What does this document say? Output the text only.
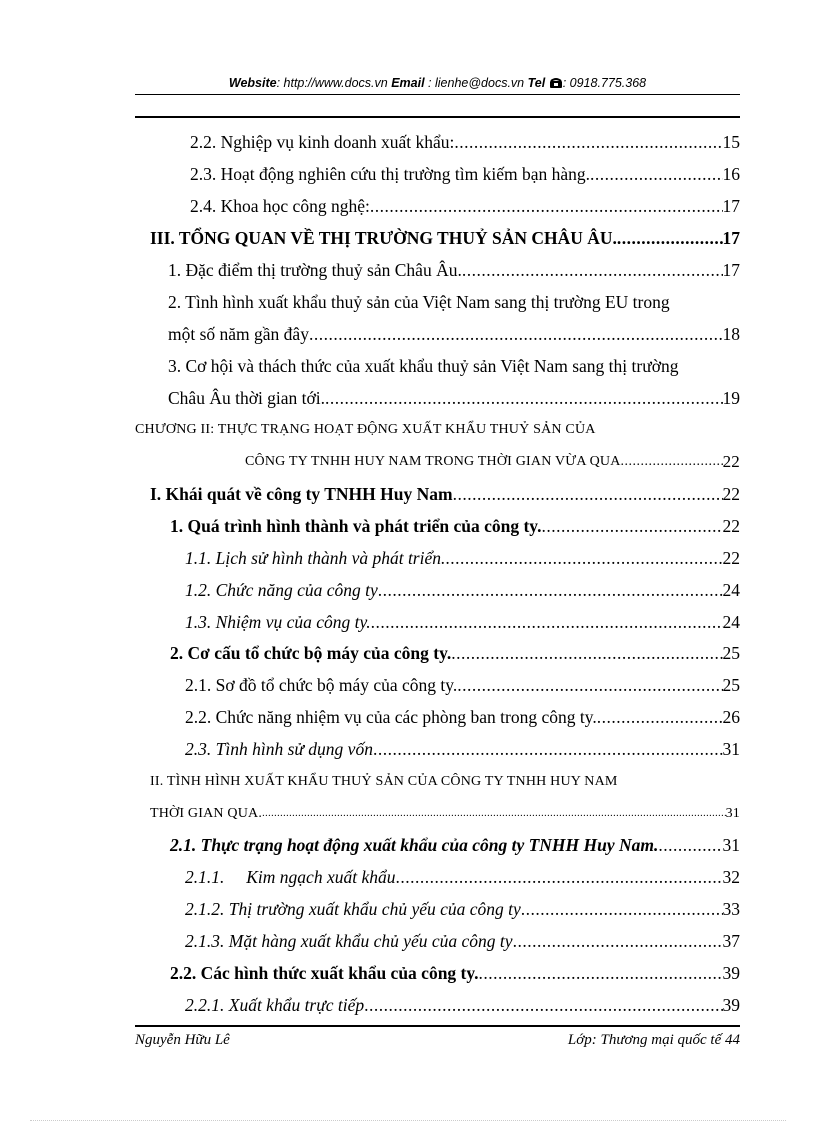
Website: http://www.docs.vn Email : lienhe@docs.vn Tel : 0918.775.368
2.2. Nghiệp vụ kinh doanh xuất khẩu: .....	15
2.3. Hoạt động nghiên cứu thị trường tìm kiếm bạn hàng. .....	16
2.4. Khoa học công nghệ: .....	17
III. TỔNG QUAN VỀ THỊ TRƯỜNG THUỶ SẢN CHÂU ÂU. .....	17
1. Đặc điểm thị trường thuỷ sản Châu Âu. .....	17
2. Tình hình xuất khẩu thuỷ sản của Việt Nam sang thị trường EU trong
một số năm gần đây .....	18
3. Cơ hội và thách thức của xuất khẩu thuỷ sản Việt Nam sang thị trường
Châu Âu thời gian tới. .....	19
CHƯƠNG II: THỰC TRẠNG HOẠT ĐỘNG XUẤT KHẨU THUỶ SẢN CỦA
CÔNG TY TNHH HUY NAM TRONG THỜI GIAN VỪA QUA .....	22
I. Khái quát về công ty TNHH Huy Nam .....	22
1. Quá trình hình thành và phát triển của công ty. .....	22
1.1. Lịch sử hình thành và phát triển. .....	22
1.2. Chức năng của công ty .....	24
1.3. Nhiệm vụ của công ty. .....	24
2. Cơ cấu tổ chức bộ máy của công ty. .....	25
2.1. Sơ đồ tổ chức bộ máy của công ty. .....	25
2.2. Chức năng nhiệm vụ của các phòng ban trong công ty. .....	26
2.3. Tình hình sử dụng vốn .....	31
II. TÌNH HÌNH XUẤT KHẨU THUỶ SẢN CỦA CÔNG TY TNHH HUY NAM
THỜI GIAN QUA. .....	31
2.1. Thực trạng hoạt động xuất khẩu của công ty TNHH Huy Nam. .....	31
2.1.1.     Kim ngạch xuất khẩu .....	32
2.1.2. Thị trường xuất khẩu chủ yếu của công ty .....	33
2.1.3. Mặt hàng xuất khẩu chủ yếu của công ty .....	37
2.2. Các hình thức xuất khẩu của công ty. .....	39
2.2.1. Xuất khẩu trực tiếp .....	39
Nguyễn Hữu Lê	Lớp: Thương mại quốc tế 44
